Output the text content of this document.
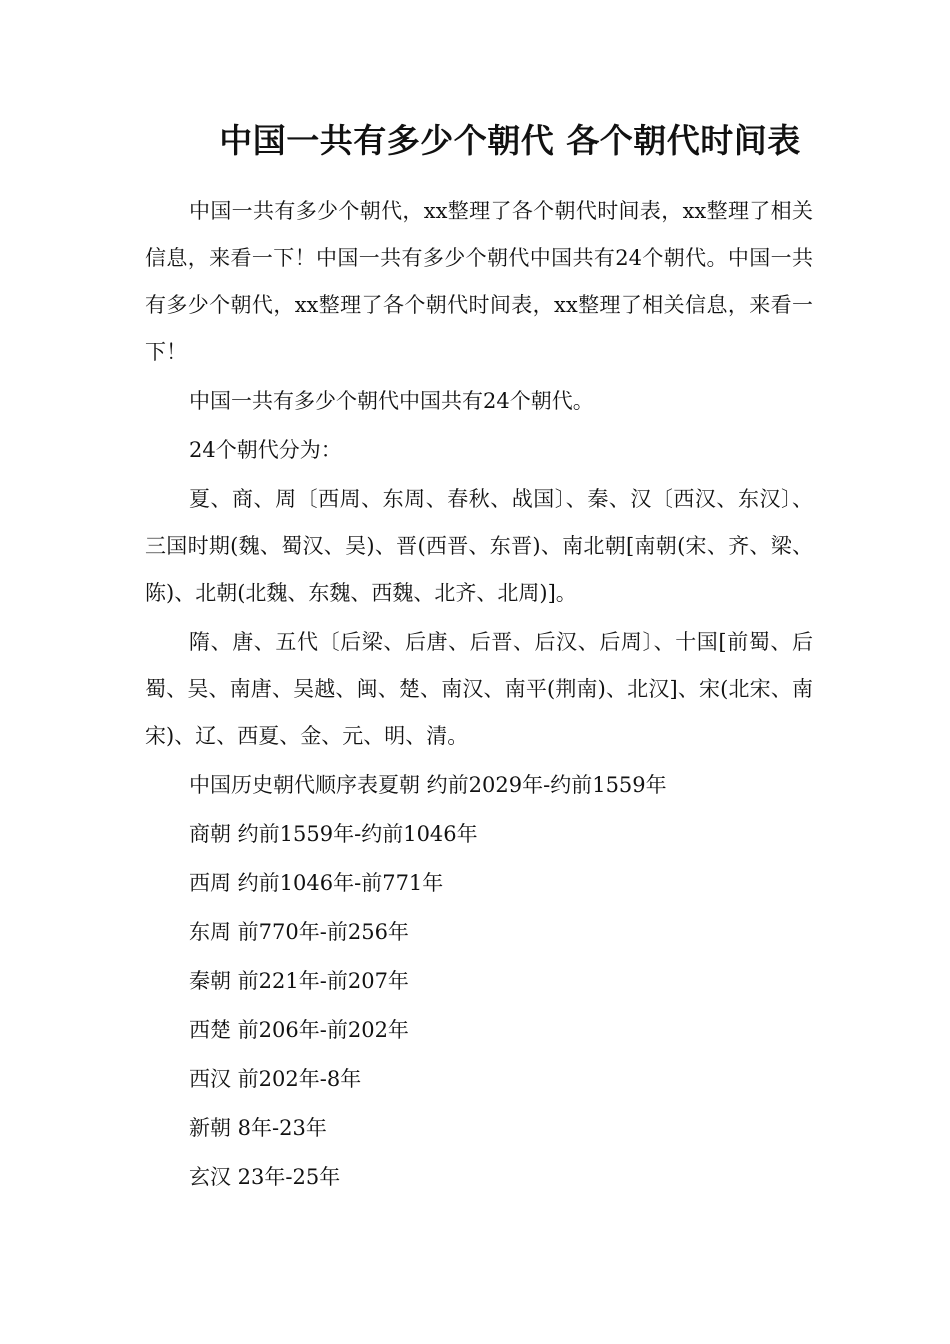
中国一共有多少个朝代 各个朝代时间表

中国一共有多少个朝代，xx整理了各个朝代时间表，xx整理了相关信息，来看一下！中国一共有多少个朝代中国共有24个朝代。中国一共有多少个朝代，xx整理了各个朝代时间表，xx整理了相关信息，来看一下！

中国一共有多少个朝代中国共有24个朝代。

24个朝代分为：

夏、商、周〔西周、东周、春秋、战国〕、秦、汉〔西汉、东汉〕、三国时期(魏、蜀汉、吴)、晋(西晋、东晋)、南北朝[南朝(宋、齐、梁、陈)、北朝(北魏、东魏、西魏、北齐、北周)]。

隋、唐、五代〔后梁、后唐、后晋、后汉、后周〕、十国[前蜀、后蜀、吴、南唐、吴越、闽、楚、南汉、南平(荆南)、北汉]、宋(北宋、南宋)、辽、西夏、金、元、明、清。

中国历史朝代顺序表夏朝 约前2029年-约前1559年

商朝 约前1559年-约前1046年

西周 约前1046年-前771年

东周 前770年-前256年

秦朝 前221年-前207年

西楚 前206年-前202年

西汉 前202年-8年

新朝 8年-23年

玄汉 23年-25年
